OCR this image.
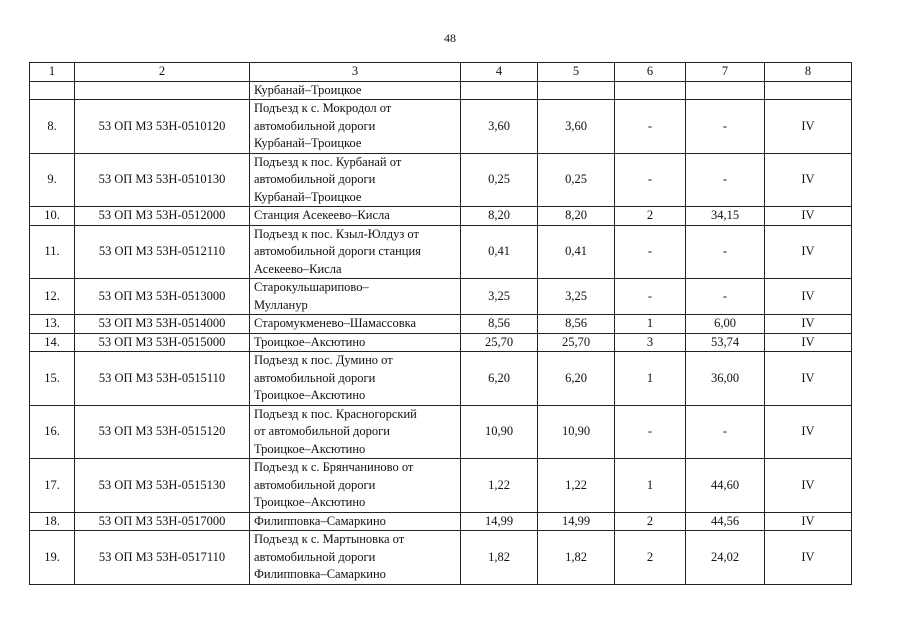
48
1	2	3	4	5	6	7	8
		Курбанай–Троицкое					
8.	53 ОП МЗ 53Н-0510120	Подъезд к с. Мокродол от
автомобильной дороги
Курбанай–Троицкое	3,60	3,60	-	-	IV
9.	53 ОП МЗ 53Н-0510130	Подъезд к пос. Курбанай от
автомобильной дороги
Курбанай–Троицкое	0,25	0,25	-	-	IV
10.	53 ОП МЗ 53Н-0512000	Станция Асекеево–Кисла	8,20	8,20	2	34,15	IV
11.	53 ОП МЗ 53Н-0512110	Подъезд к пос. Кзыл-Юлдуз от
автомобильной дороги станция
Асекеево–Кисла	0,41	0,41	-	-	IV
12.	53 ОП МЗ 53Н-0513000	Старокульшарипово–
Мулланур	3,25	3,25	-	-	IV
13.	53 ОП МЗ 53Н-0514000	Старомукменево–Шамассовка	8,56	8,56	1	6,00	IV
14.	53 ОП МЗ 53Н-0515000	Троицкое–Аксютино	25,70	25,70	3	53,74	IV
15.	53 ОП МЗ 53Н-0515110	Подъезд к пос. Думино от
автомобильной дороги
Троицкое–Аксютино	6,20	6,20	1	36,00	IV
16.	53 ОП МЗ 53Н-0515120	Подъезд к пос. Красногорский
от автомобильной дороги
Троицкое–Аксютино	10,90	10,90	-	-	IV
17.	53 ОП МЗ 53Н-0515130	Подъезд к с. Брянчаниново от
автомобильной дороги
Троицкое–Аксютино	1,22	1,22	1	44,60	IV
18.	53 ОП МЗ 53Н-0517000	Филипповка–Самаркино	14,99	14,99	2	44,56	IV
19.	53 ОП МЗ 53Н-0517110	Подъезд к с. Мартыновка от
автомобильной дороги
Филипповка–Самаркино	1,82	1,82	2	24,02	IV
